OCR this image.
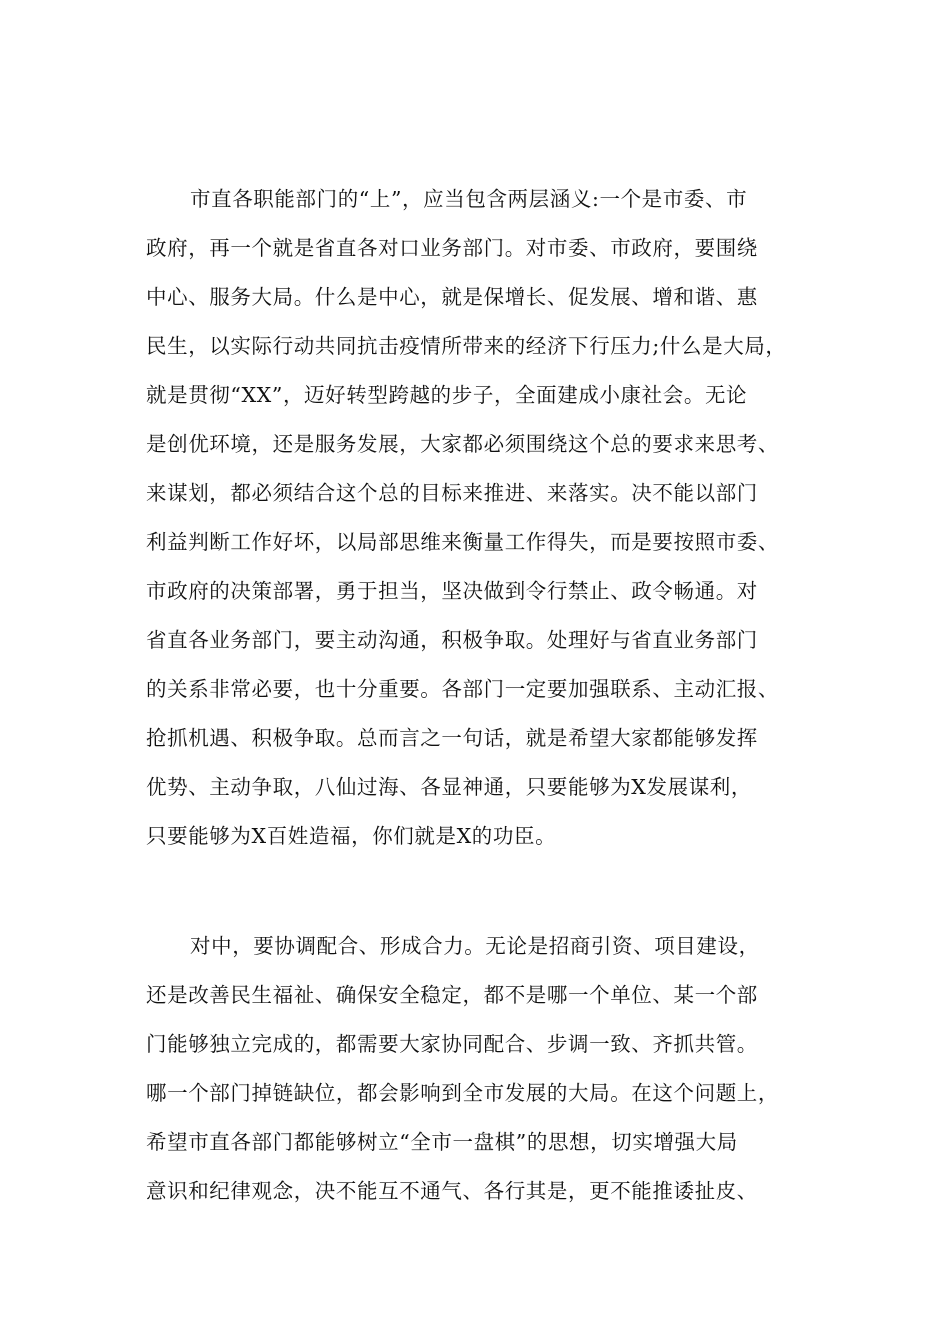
市直各职能部门的“上”，应当包含两层涵义:一个是市委、市
政府，再一个就是省直各对口业务部门。对市委、市政府，要围绕
中心、服务大局。什么是中心，就是保增长、促发展、增和谐、惠
民生，以实际行动共同抗击疫情所带来的经济下行压力;什么是大局，
就是贯彻“XX”，迈好转型跨越的步子，全面建成小康社会。无论
是创优环境，还是服务发展，大家都必须围绕这个总的要求来思考、
来谋划，都必须结合这个总的目标来推进、来落实。决不能以部门
利益判断工作好坏，以局部思维来衡量工作得失，而是要按照市委、
市政府的决策部署，勇于担当，坚决做到令行禁止、政令畅通。对
省直各业务部门，要主动沟通，积极争取。处理好与省直业务部门
的关系非常必要，也十分重要。各部门一定要加强联系、主动汇报、
抢抓机遇、积极争取。总而言之一句话，就是希望大家都能够发挥
优势、主动争取，八仙过海、各显神通，只要能够为X发展谋利，
只要能够为X百姓造福，你们就是X的功臣。
对中，要协调配合、形成合力。无论是招商引资、项目建设，
还是改善民生福祉、确保安全稳定，都不是哪一个单位、某一个部
门能够独立完成的，都需要大家协同配合、步调一致、齐抓共管。
哪一个部门掉链缺位，都会影响到全市发展的大局。在这个问题上，
希望市直各部门都能够树立“全市一盘棋”的思想，切实增强大局
意识和纪律观念，决不能互不通气、各行其是，更不能推诿扯皮、
